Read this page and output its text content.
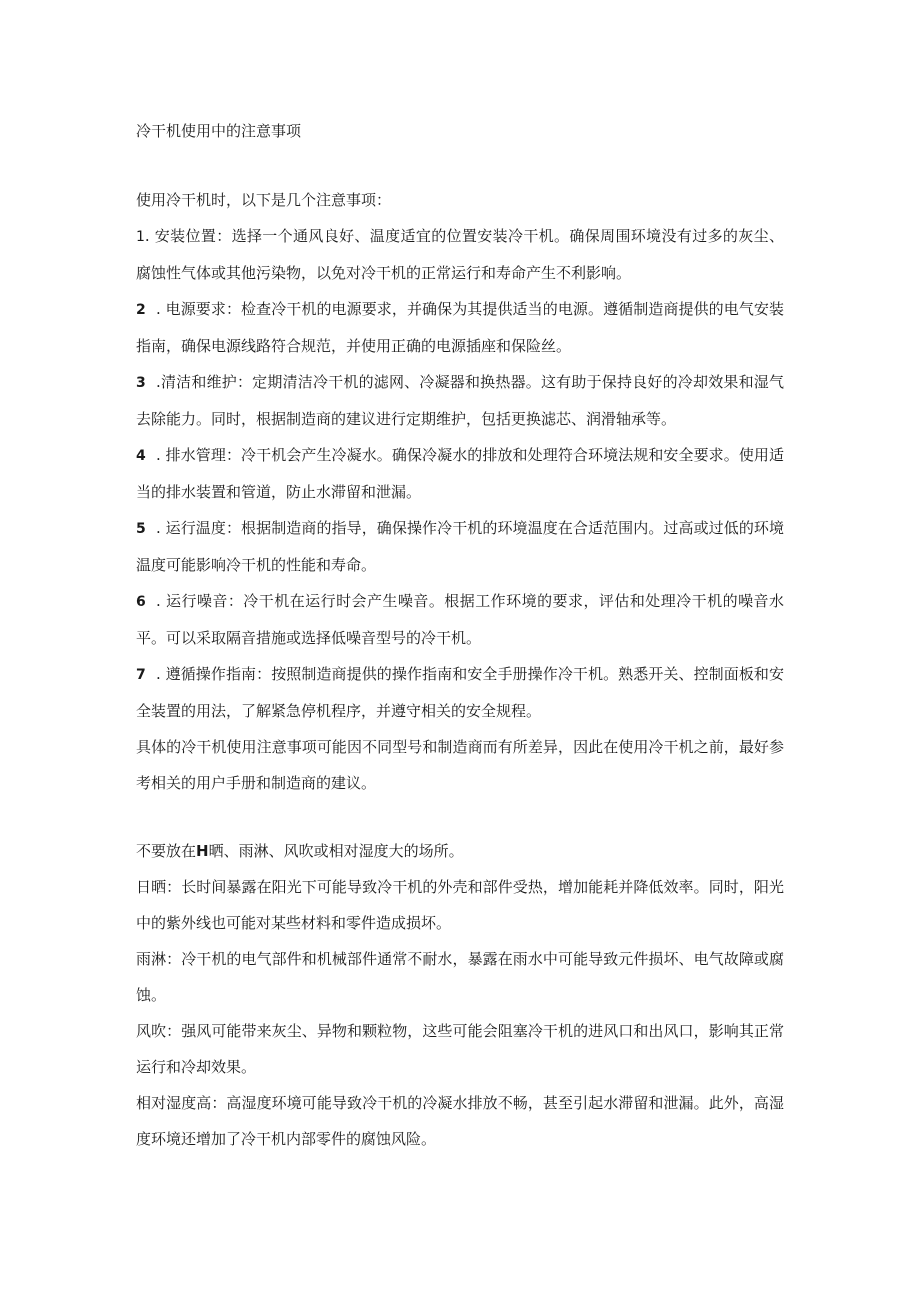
冷干机使用中的注意事项

使用冷干机时，以下是几个注意事项：

1. 安装位置：选择一个通风良好、温度适宜的位置安装冷干机。确保周围环境没有过多的灰尘、腐蚀性气体或其他污染物，以免对冷干机的正常运行和寿命产生不利影响。

2 . 电源要求：检查冷干机的电源要求，并确保为其提供适当的电源。遵循制造商提供的电气安装指南，确保电源线路符合规范，并使用正确的电源插座和保险丝。

3 .清洁和维护：定期清洁冷干机的滤网、冷凝器和换热器。这有助于保持良好的冷却效果和湿气去除能力。同时，根据制造商的建议进行定期维护，包括更换滤芯、润滑轴承等。

4 . 排水管理：冷干机会产生冷凝水。确保冷凝水的排放和处理符合环境法规和安全要求。使用适当的排水装置和管道，防止水滞留和泄漏。

5 . 运行温度：根据制造商的指导，确保操作冷干机的环境温度在合适范围内。过高或过低的环境温度可能影响冷干机的性能和寿命。

6 . 运行噪音：冷干机在运行时会产生噪音。根据工作环境的要求，评估和处理冷干机的噪音水平。可以采取隔音措施或选择低噪音型号的冷干机。

7 . 遵循操作指南：按照制造商提供的操作指南和安全手册操作冷干机。熟悉开关、控制面板和安全装置的用法，了解紧急停机程序，并遵守相关的安全规程。

具体的冷干机使用注意事项可能因不同型号和制造商而有所差异，因此在使用冷干机之前，最好参考相关的用户手册和制造商的建议。

不要放在H晒、雨淋、风吹或相对湿度大的场所。

日晒：长时间暴露在阳光下可能导致冷干机的外壳和部件受热，增加能耗并降低效率。同时，阳光中的紫外线也可能对某些材料和零件造成损坏。

雨淋：冷干机的电气部件和机械部件通常不耐水，暴露在雨水中可能导致元件损坏、电气故障或腐蚀。

风吹：强风可能带来灰尘、异物和颗粒物，这些可能会阻塞冷干机的进风口和出风口，影响其正常运行和冷却效果。

相对湿度高：高湿度环境可能导致冷干机的冷凝水排放不畅，甚至引起水滞留和泄漏。此外，高湿度环境还增加了冷干机内部零件的腐蚀风险。
